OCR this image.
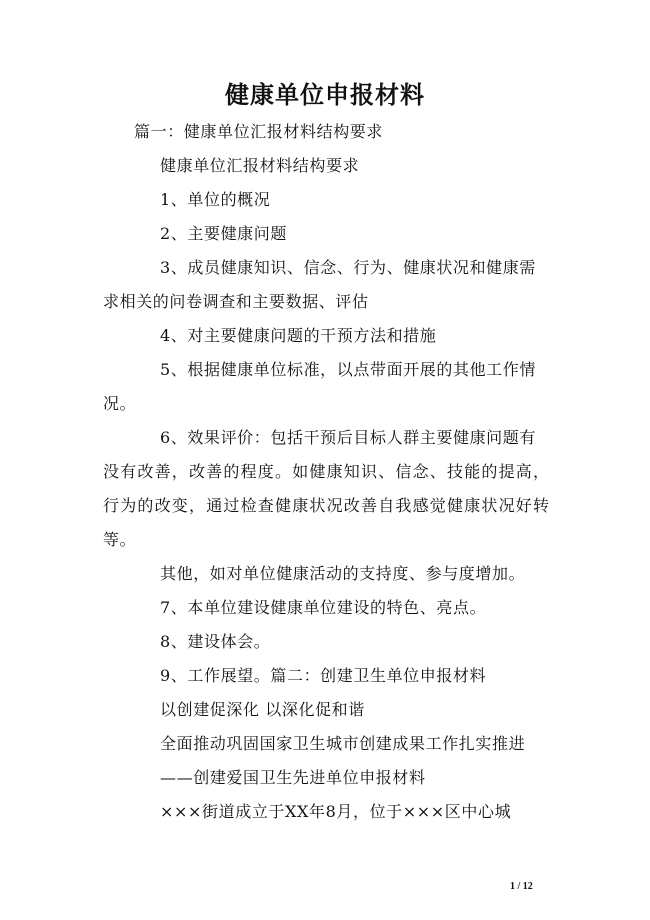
健康单位申报材料
篇一：健康单位汇报材料结构要求
健康单位汇报材料结构要求
1、单位的概况
2、主要健康问题
3、成员健康知识、信念、行为、健康状况和健康需
求相关的问卷调查和主要数据、评估
4、对主要健康问题的干预方法和措施
5、根据健康单位标准，以点带面开展的其他工作情
况。
6、效果评价：包括干预后目标人群主要健康问题有
没有改善，改善的程度。如健康知识、信念、技能的提高，
行为的改变，通过检查健康状况改善自我感觉健康状况好转
等。
其他，如对单位健康活动的支持度、参与度增加。
7、本单位建设健康单位建设的特色、亮点。
8、建设体会。
9、工作展望。篇二：创建卫生单位申报材料
以创建促深化 以深化促和谐
全面推动巩固国家卫生城市创建成果工作扎实推进
——创建爱国卫生先进单位申报材料
×××街道成立于XX年8月，位于×××区中心城
1 / 12
